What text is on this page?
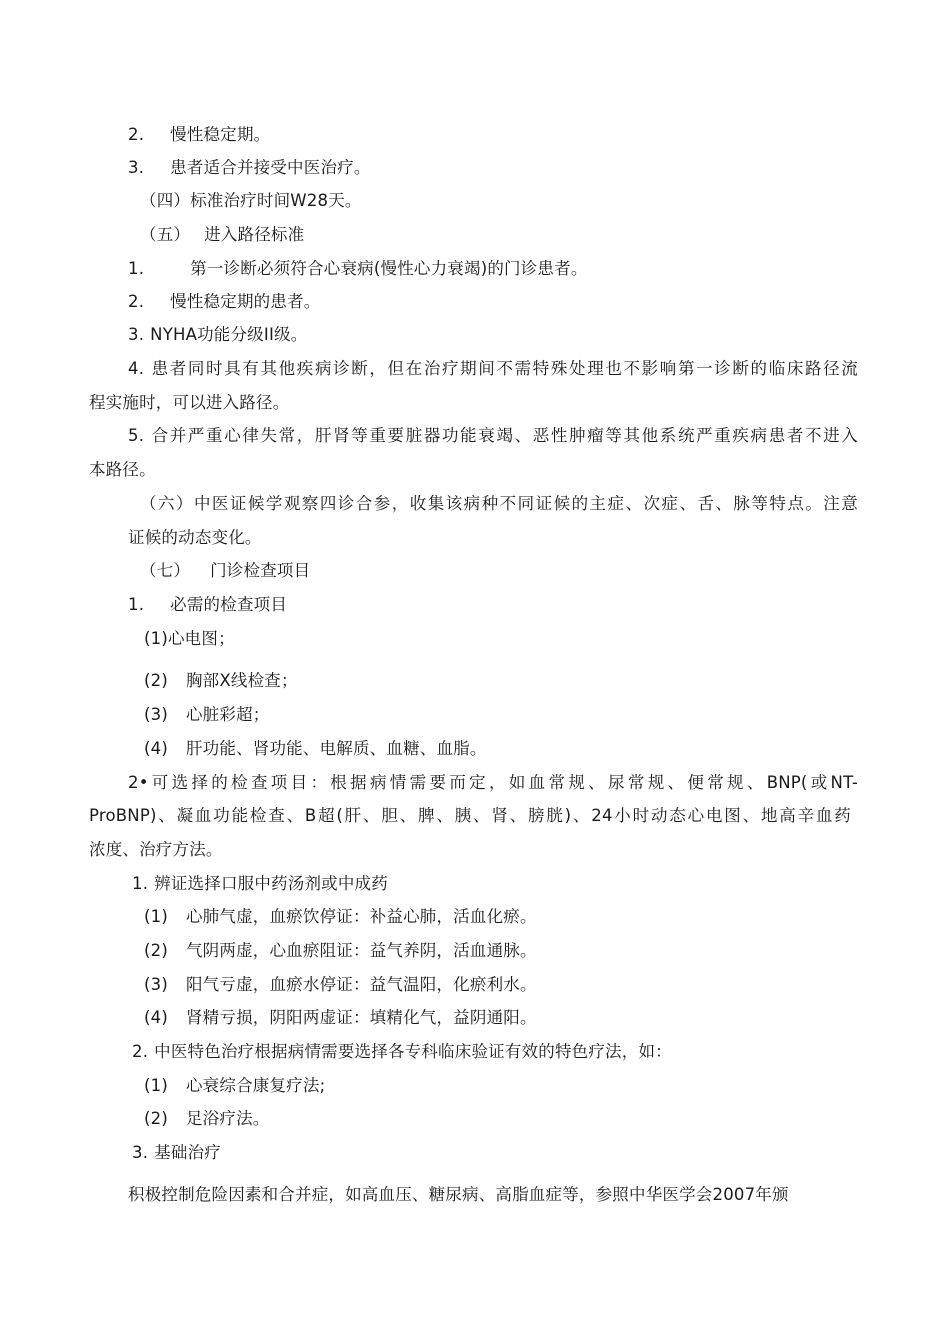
2. 慢性稳定期。
3. 患者适合并接受中医治疗。
（四）标准治疗时间W28天。
（五） 进入路径标准
1.	第一诊断必须符合心衰病(慢性心力衰竭)的门诊患者。
2. 慢性稳定期的患者。
3. NYHA功能分级II级。
4. 患者同时具有其他疾病诊断，但在治疗期间不需特殊处理也不影响第一诊断的临床路径流
程实施时，可以进入路径。
5. 合并严重心律失常，肝肾等重要脏器功能衰竭、恶性肿瘤等其他系统严重疾病患者不进入
本路径。
（六）中医证候学观察四诊合参，收集该病种不同证候的主症、次症、舌、脉等特点。注意
证候的动态变化。
（七） 门诊检查项目
1. 必需的检查项目
(1)心电图；
(2) 胸部X线检查；
(3) 心脏彩超；
(4) 肝功能、肾功能、电解质、血糖、血脂。
2•可选择的检查项目：根据病情需要而定，如血常规、尿常规、便常规、BNP(或NT-
ProBNP)、凝血功能检查、B超(肝、胆、脾、胰、肾、膀胱)、24小时动态心电图、地高辛血药
浓度、治疗方法。
1. 辨证选择口服中药汤剂或中成药
(1) 心肺气虚，血瘀饮停证：补益心肺，活血化瘀。
(2) 气阴两虚，心血瘀阻证：益气养阴，活血通脉。
(3) 阳气亏虚，血瘀水停证：益气温阳，化瘀利水。
(4) 肾精亏损，阴阳两虚证：填精化气，益阴通阳。
2. 中医特色治疗根据病情需要选择各专科临床验证有效的特色疗法，如：
(1) 心衰综合康复疗法;
(2) 足浴疗法。
3. 基础治疗
积极控制危险因素和合并症，如高血压、糖尿病、高脂血症等，参照中华医学会2007年颁
